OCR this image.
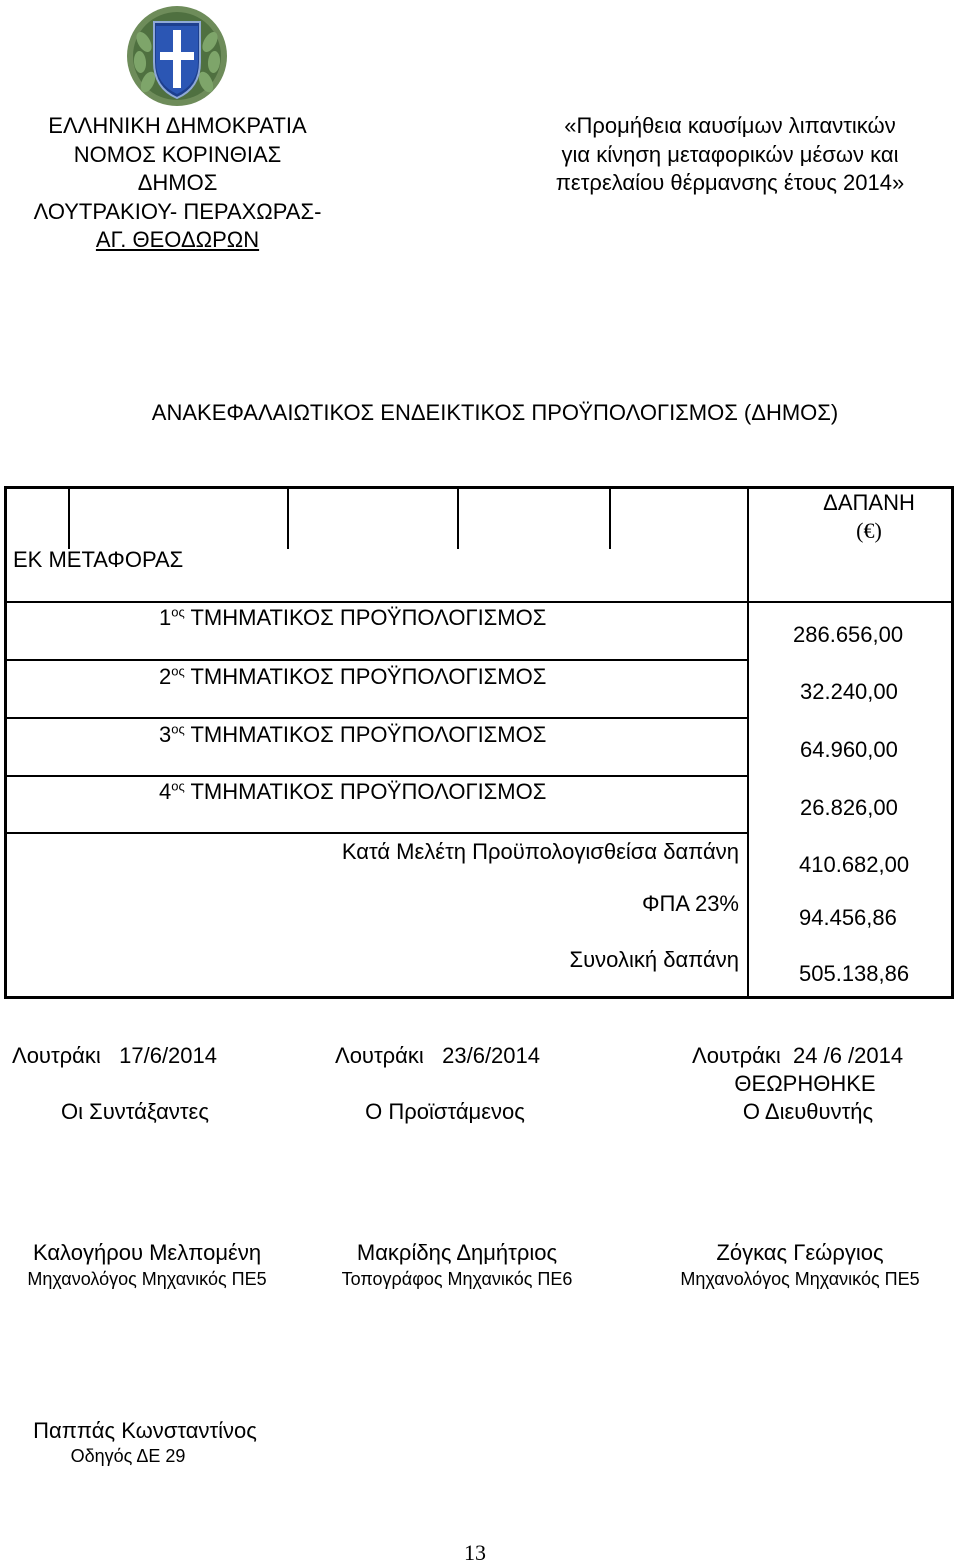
ΕΛΛΗΝΙΚΗ ΔΗΜΟΚΡΑΤΙΑ
ΝΟΜΟΣ ΚΟΡΙΝΘΙΑΣ
ΔΗΜΟΣ
ΛΟΥΤΡΑΚΙΟΥ- ΠΕΡΑΧΩΡΑΣ-
ΑΓ. ΘΕΟΔΩΡΩΝ
«Προμήθεια καυσίμων λιπαντικών
για κίνηση μεταφορικών μέσων και
πετρελαίου θέρμανσης έτους 2014»
ΑΝΑΚΕΦΑΛΑΙΩΤΙΚΟΣ ΕΝΔΕΙΚΤΙΚΟΣ ΠΡΟΫΠΟΛΟΓΙΣΜΟΣ (ΔΗΜΟΣ)
ΕΚ ΜΕΤΑΦΟΡΑΣ
ΔΑΠΑΝΗ
(€)
$1^{o\varsigma}$ ΤΜΗΜΑΤΙΚΟΣ ΠΡΟΫΠΟΛΟΓΙΣΜΟΣ
286.656,00
$2^{o\varsigma}$ ΤΜΗΜΑΤΙΚΟΣ ΠΡΟΫΠΟΛΟΓΙΣΜΟΣ
32.240,00
$3^{o\varsigma}$ ΤΜΗΜΑΤΙΚΟΣ ΠΡΟΫΠΟΛΟΓΙΣΜΟΣ
64.960,00
$4^{o\varsigma}$ ΤΜΗΜΑΤΙΚΟΣ ΠΡΟΫΠΟΛΟΓΙΣΜΟΣ
26.826,00
Κατά Μελέτη Προϋπολογισθείσα δαπάνη
410.682,00
ΦΠΑ 23%
94.456,86
Συνολική δαπάνη
505.138,86
Λουτράκι 17/6/2014	Λουτράκι 23/6/2014	Λουτράκι 24 /6 /2014
ΘΕΩΡΗΘΗΚΕ
Οι Συντάξαντες	Ο Προϊστάμενος	Ο Διευθυντής
Καλογήρου Μελπομένη
Μηχανολόγος Μηχανικός ΠΕ5
Μακρίδης Δημήτριος
Τοπογράφος Μηχανικός ΠΕ6
Ζόγκας Γεώργιος
Μηχανολόγος Μηχανικός ΠΕ5
Παππάς Κωνσταντίνος
Οδηγός ΔΕ 29
13
